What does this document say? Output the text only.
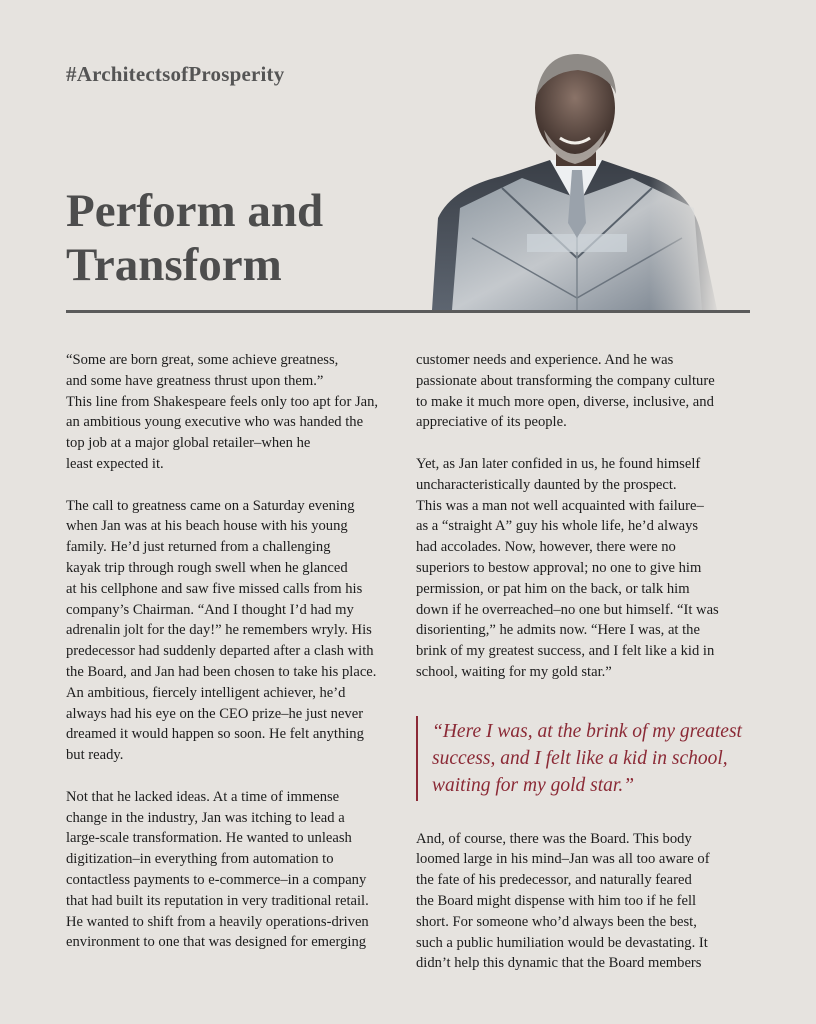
#ArchitectsofProsperity
Perform and
Transform

“Some are born great, some achieve greatness,
and some have greatness thrust upon them.”
This line from Shakespeare feels only too apt for Jan,
an ambitious young executive who was handed the
top job at a major global retailer–when he
least expected it.

The call to greatness came on a Saturday evening
when Jan was at his beach house with his young
family. He’d just returned from a challenging
kayak trip through rough swell when he glanced
at his cellphone and saw five missed calls from his
company’s Chairman. “And I thought I’d had my
adrenalin jolt for the day!” he remembers wryly. His
predecessor had suddenly departed after a clash with
the Board, and Jan had been chosen to take his place.
An ambitious, fiercely intelligent achiever, he’d
always had his eye on the CEO prize–he just never
dreamed it would happen so soon. He felt anything
but ready.

Not that he lacked ideas. At a time of immense
change in the industry, Jan was itching to lead a
large-scale transformation. He wanted to unleash
digitization–in everything from automation to
contactless payments to e-commerce–in a company
that had built its reputation in very traditional retail.
He wanted to shift from a heavily operations-driven
environment to one that was designed for emerging

customer needs and experience. And he was
passionate about transforming the company culture
to make it much more open, diverse, inclusive, and
appreciative of its people.

Yet, as Jan later confided in us, he found himself
uncharacteristically daunted by the prospect.
This was a man not well acquainted with failure–
as a “straight A” guy his whole life, he’d always
had accolades. Now, however, there were no
superiors to bestow approval; no one to give him
permission, or pat him on the back, or talk him
down if he overreached–no one but himself. “It was
disorienting,” he admits now. “Here I was, at the
brink of my greatest success, and I felt like a kid in
school, waiting for my gold star.”

“Here I was, at the brink of my greatest
success, and I felt like a kid in school,
waiting for my gold star.”

And, of course, there was the Board. This body
loomed large in his mind–Jan was all too aware of
the fate of his predecessor, and naturally feared
the Board might dispense with him too if he fell
short. For someone who’d always been the best,
such a public humiliation would be devastating. It
didn’t help this dynamic that the Board members
